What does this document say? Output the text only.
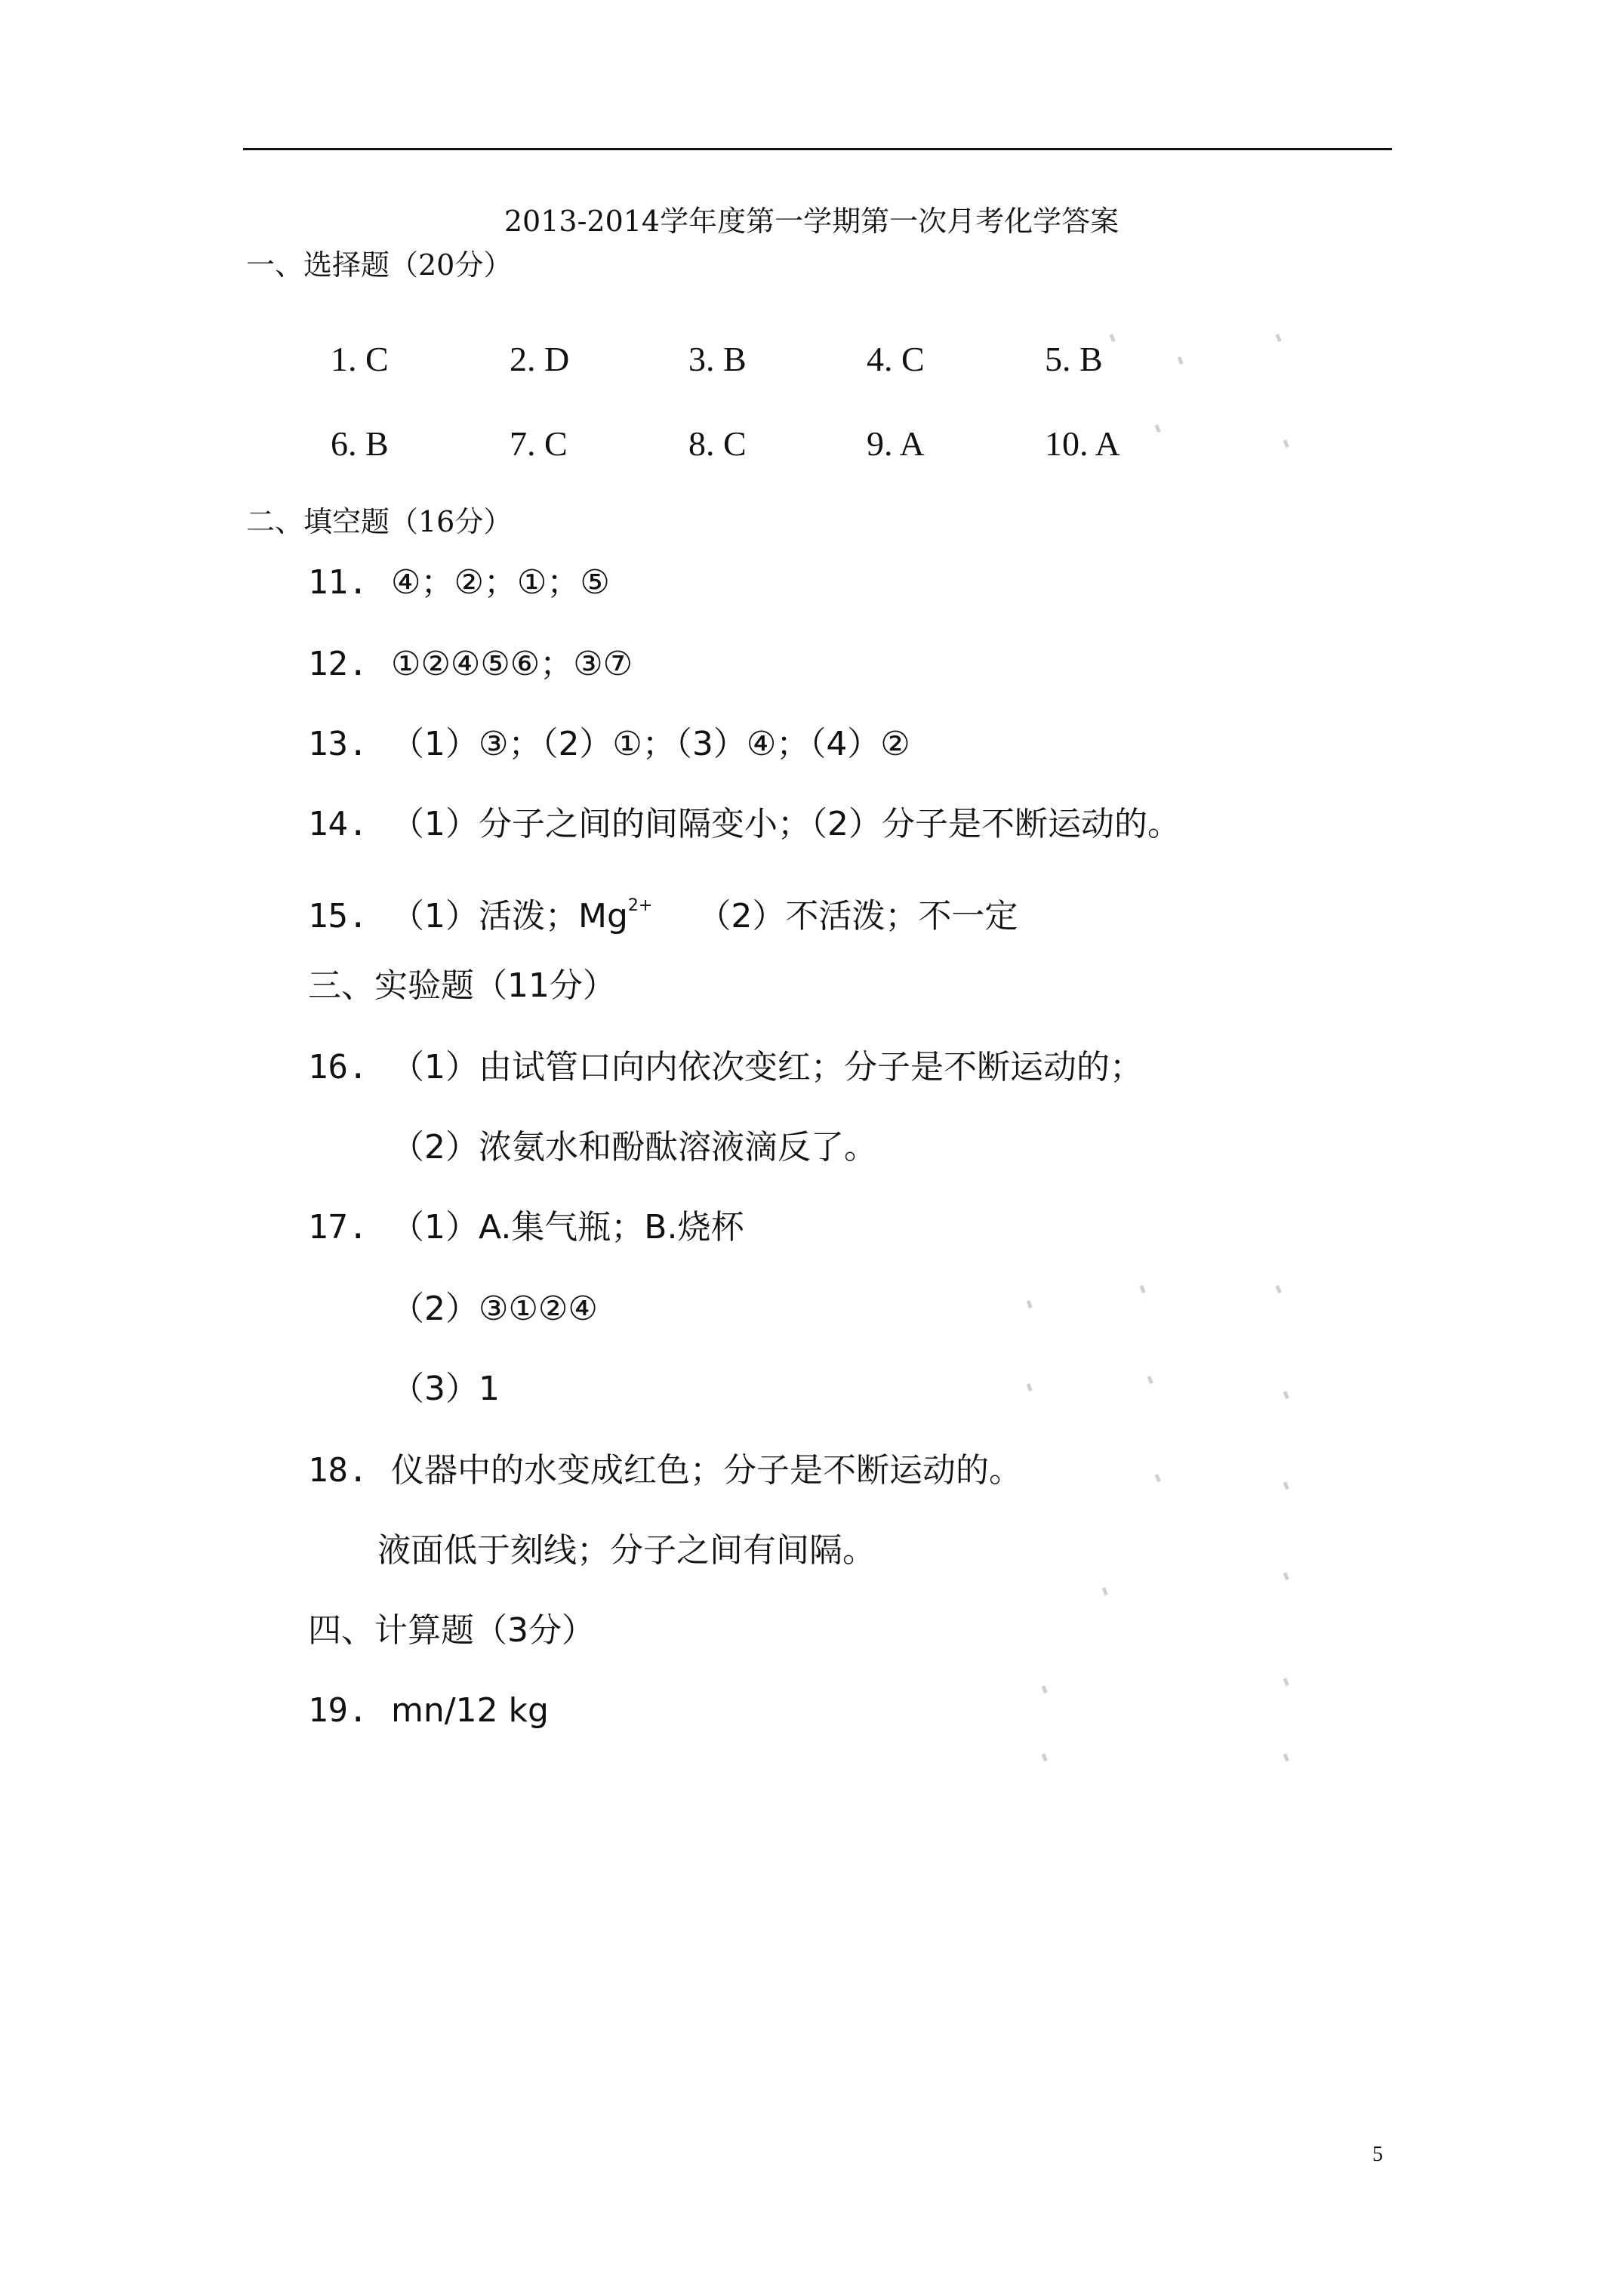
2013-2014学年度第一学期第一次月考化学答案
一、选择题（20分）
1. C	2. D	3. B	4. C	5. B
6. B	7. C	8. C	9. A	10. A
二、填空题（16分）
11. ④；②；①；⑤
12. ①②④⑤⑥；③⑦
13. （1）③；（2）①；（3）④；（4）②
14. （1）分子之间的间隔变小；（2）分子是不断运动的。
15. （1）活泼；$Mg^{2+}$ （2）不活泼；不一定
三、实验题（11分）
16. （1）由试管口向内依次变红；分子是不断运动的；
（2）浓氨水和酚酞溶液滴反了。
17. （1）A.集气瓶；B.烧杯
（2）③①②④
（3）1
18. 仪器中的水变成红色；分子是不断运动的。
液面低于刻线；分子之间有间隔。
四、计算题（3分）
19. mn/12 kg
5
▮
▮
▮
▮
▮
▮
▮
▮
▮
▮
▮
▮
▮
▮
▮
▮
▮
▮
▮
